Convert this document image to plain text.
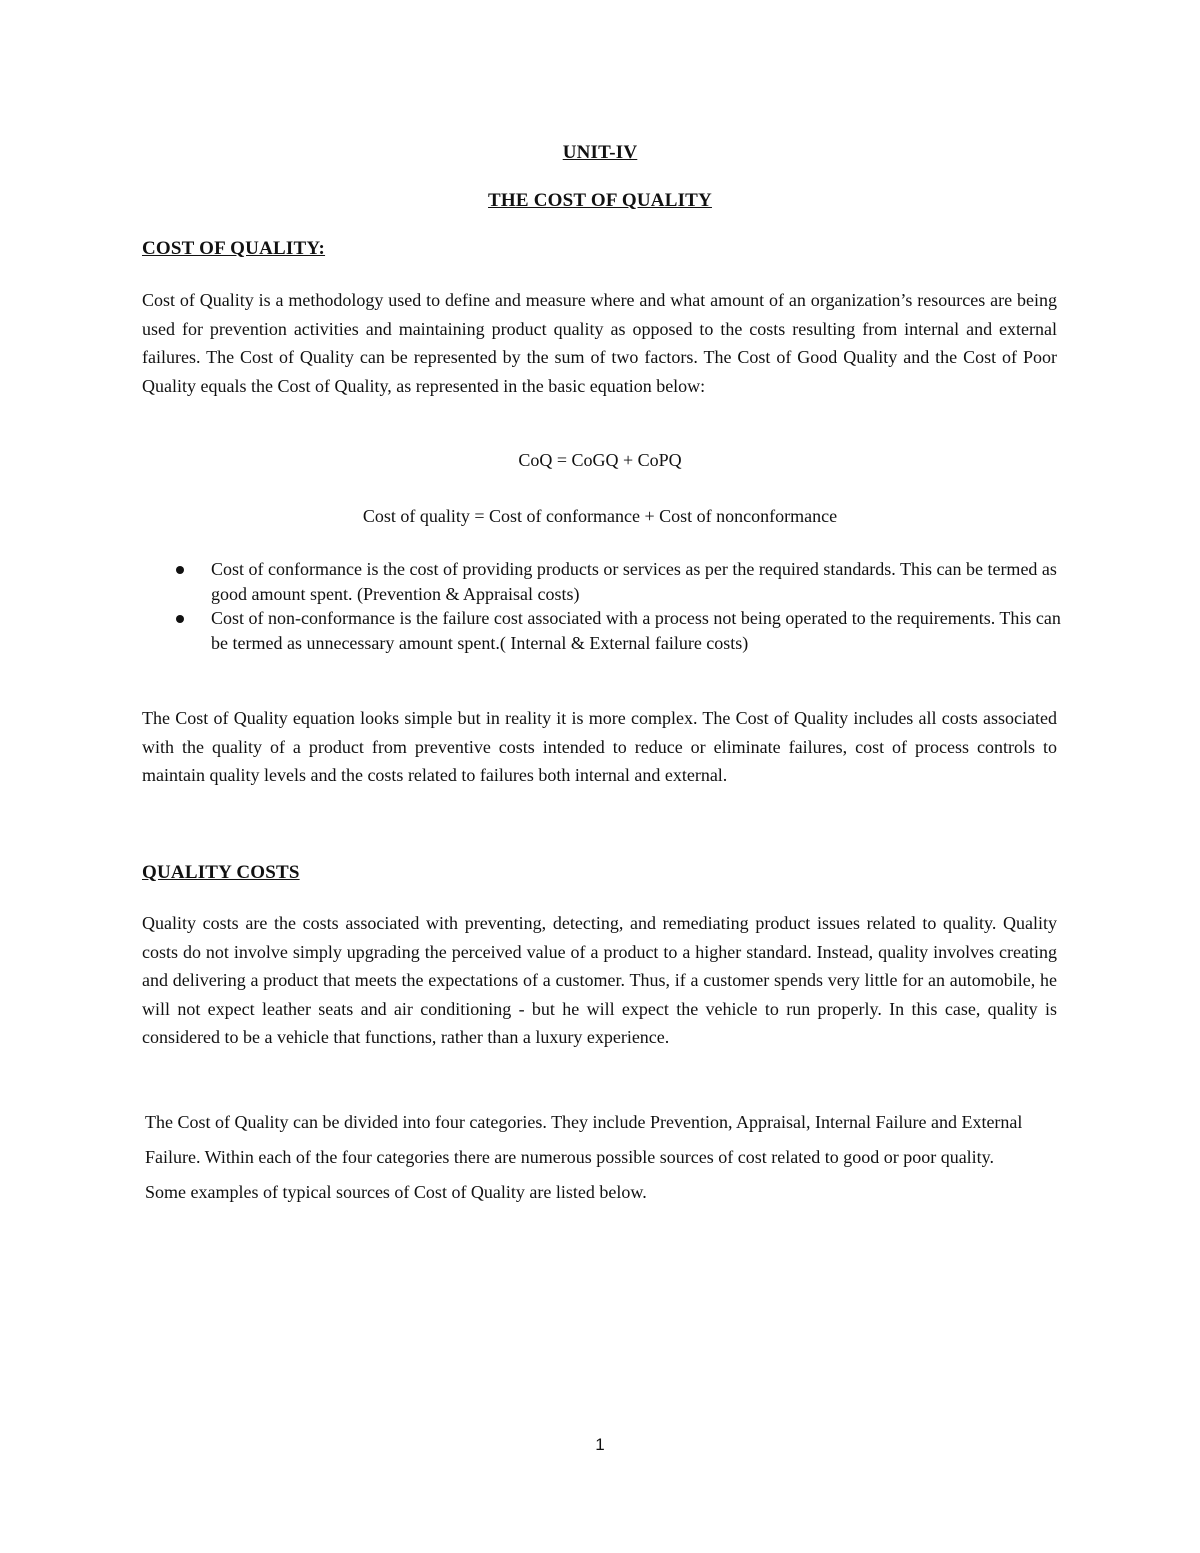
UNIT-IV
THE COST OF QUALITY
COST OF QUALITY:

Cost of Quality is a methodology used to define and measure where and what amount of an organization’s resources are being used for prevention activities and maintaining product quality as opposed to the costs resulting from internal and external failures. The Cost of Quality can be represented by the sum of two factors. The Cost of Good Quality and the Cost of Poor Quality equals the Cost of Quality, as represented in the basic equation below:

CoQ = CoGQ + CoPQ
Cost of quality = Cost of conformance + Cost of nonconformance
Cost of conformance is the cost of providing products or services as per the required standards. This can be termed as good amount spent. (Prevention & Appraisal costs)
Cost of non-conformance is the failure cost associated with a process not being operated to the requirements. This can be termed as unnecessary amount spent.( Internal & External failure costs)

The Cost of Quality equation looks simple but in reality it is more complex. The Cost of Quality includes all costs associated with the quality of a product from preventive costs intended to reduce or eliminate failures, cost of process controls to maintain quality levels and the costs related to failures both internal and external.

QUALITY COSTS

Quality costs are the costs associated with preventing, detecting, and remediating product issues related to quality. Quality costs do not involve simply upgrading the perceived value of a product to a higher standard. Instead, quality involves creating and delivering a product that meets the expectations of a customer. Thus, if a customer spends very little for an automobile, he will not expect leather seats and air conditioning - but he will expect the vehicle to run properly. In this case, quality is considered to be a vehicle that functions, rather than a luxury experience.

The Cost of Quality can be divided into four categories. They include Prevention, Appraisal, Internal Failure and External Failure. Within each of the four categories there are numerous possible sources of cost related to good or poor quality. Some examples of typical sources of Cost of Quality are listed below.

1
